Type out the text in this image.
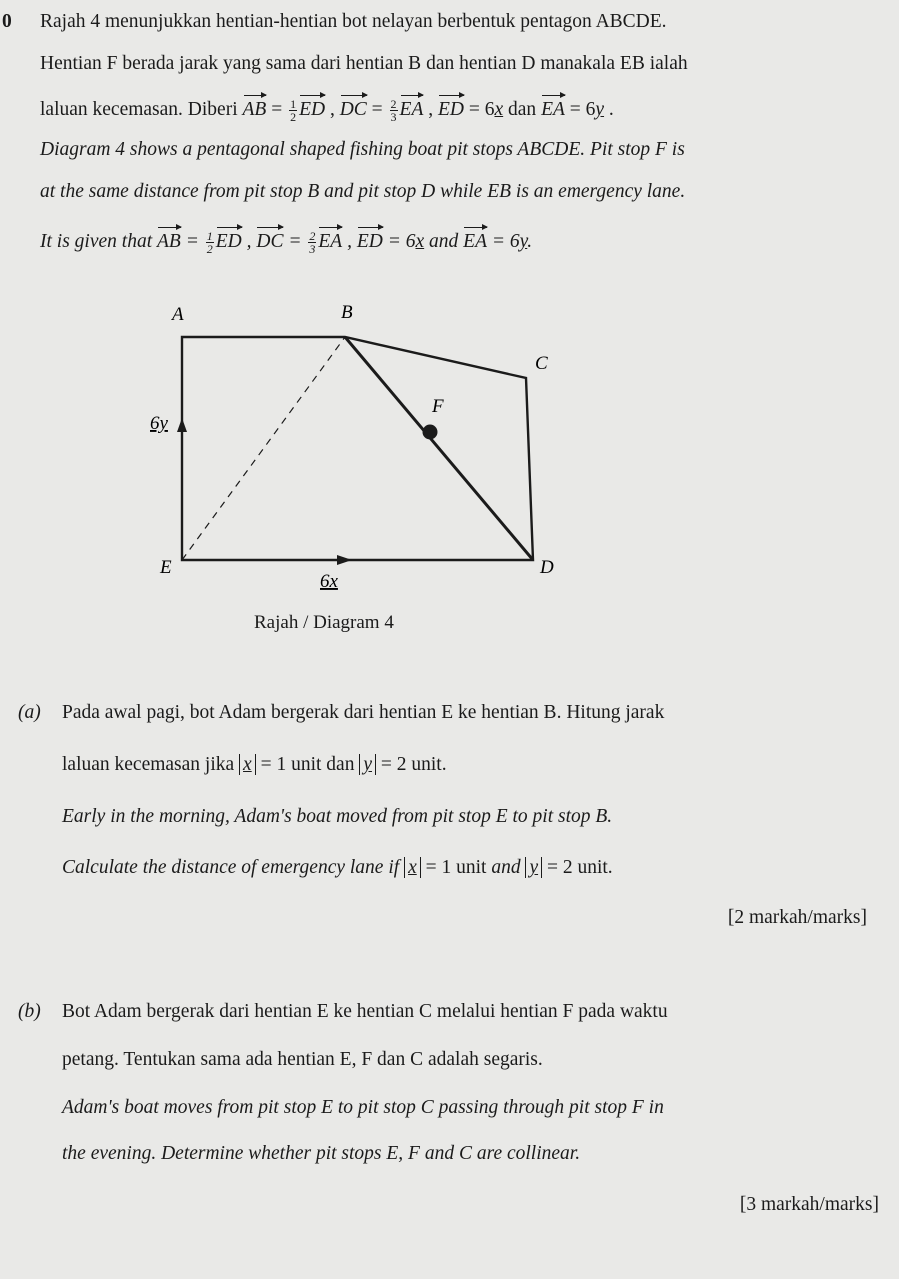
0 Rajah 4 menunjukkan hentian-hentian bot nelayan berbentuk pentagon ABCDE.
Hentian F berada jarak yang sama dari hentian B dan hentian D manakala EB ialah
laluan kecemasan. Diberi AB = $\frac{1}{2}$ ED , DC = $\frac{2}{3}$ EA , ED = 6x dan EA = 6y .
Diagram 4 shows a pentagonal shaped fishing boat pit stops ABCDE. Pit stop F is
at the same distance from pit stop B and pit stop D while EB is an emergency lane.
It is given that AB = $\frac{1}{2}$ ED , DC = $\frac{2}{3}$ EA , ED = 6x and EA = 6y.
A	B
C
D
E
F
6y
6x
Rajah / Diagram 4
(a) Pada awal pagi, bot Adam bergerak dari hentian E ke hentian B. Hitung jarak
laluan kecemasan jika x = 1 unit dan y = 2 unit.
Early in the morning, Adam's boat moved from pit stop E to pit stop B.
Calculate the distance of emergency lane if x = 1 unit and y = 2 unit.
[2 markah/marks]
(b) Bot Adam bergerak dari hentian E ke hentian C melalui hentian F pada waktu
petang. Tentukan sama ada hentian E, F dan C adalah segaris.
Adam's boat moves from pit stop E to pit stop C passing through pit stop F in
the evening. Determine whether pit stops E, F and C are collinear.
[3 markah/marks]
